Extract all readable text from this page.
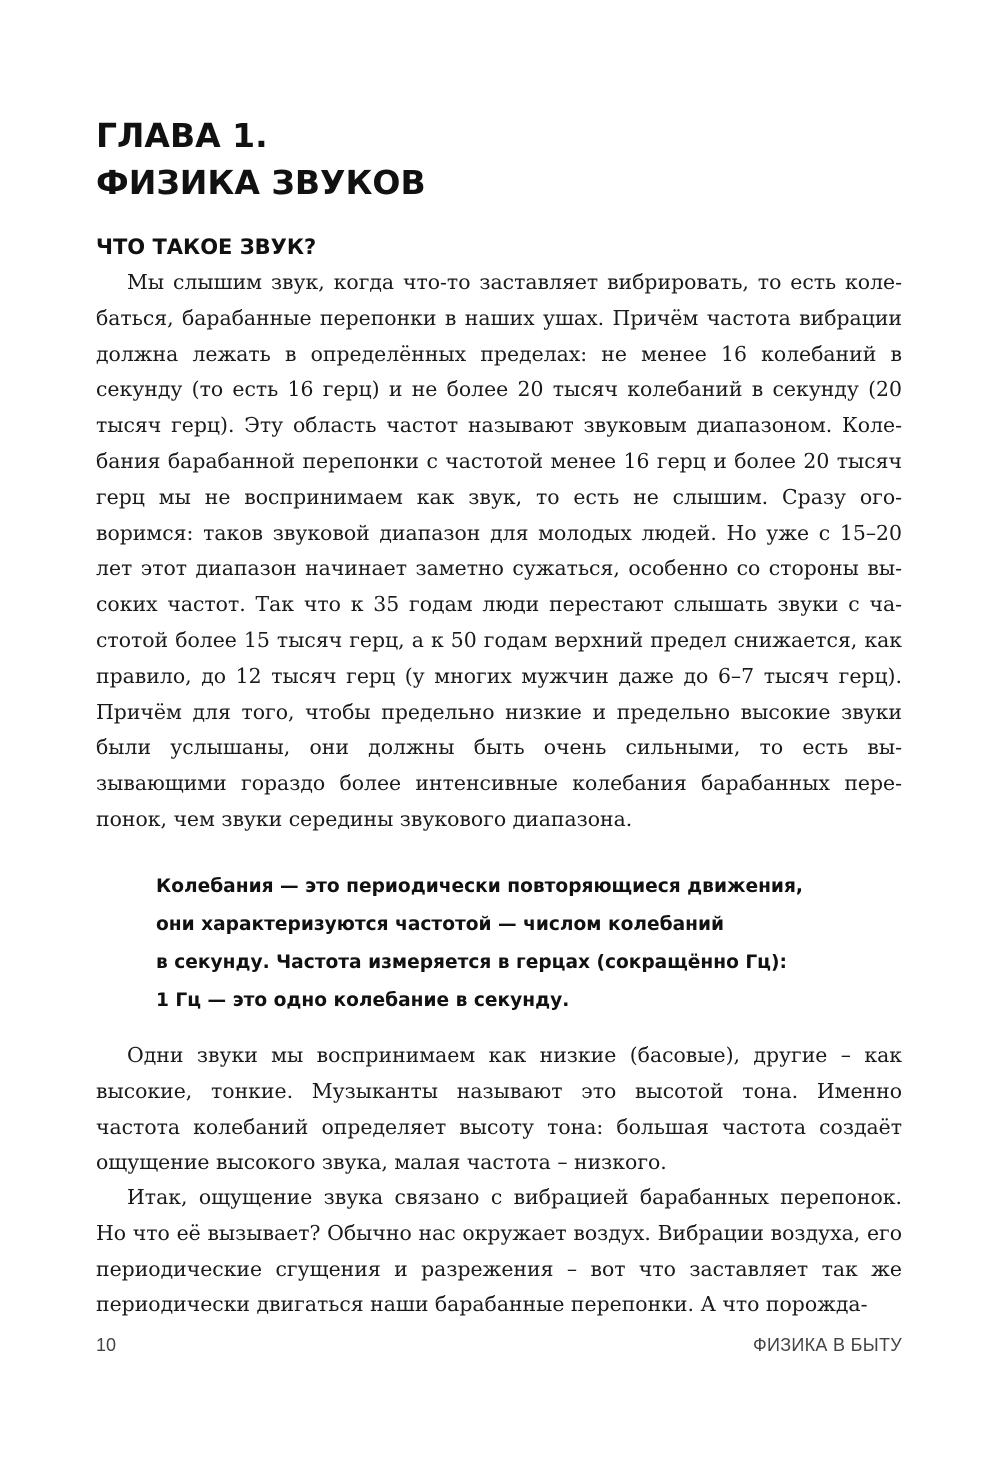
ГЛАВА 1.
ФИЗИКА ЗВУКОВ
ЧТО ТАКОЕ ЗВУК?

Мы слышим звук, когда что-то заставляет вибрировать, то есть колебаться, барабанные перепонки в наших ушах. Причём частота вибрации должна лежать в определённых пределах: не менее 16 колебаний в секунду (то есть 16 герц) и не более 20 тысяч колебаний в секунду (20 тысяч герц). Эту область частот называют звуковым диапазоном. Колебания барабанной перепонки с частотой менее 16 герц и более 20 тысяч герц мы не воспринимаем как звук, то есть не слышим. Сразу оговоримся: таков звуковой диапазон для молодых людей. Но уже с 15–20 лет этот диапазон начинает заметно сужаться, особенно со стороны высоких частот. Так что к 35 годам люди перестают слышать звуки с частотой более 15 тысяч герц, а к 50 годам верхний предел снижается, как правило, до 12 тысяч герц (у многих мужчин даже до 6–7 тысяч герц). Причём для того, чтобы предельно низкие и предельно высокие звуки были услышаны, они должны быть очень сильными, то есть вызывающими гораздо более интенсивные колебания барабанных перепонок, чем звуки середины звукового диапазона.

Колебания — это периодически повторяющиеся движения,
они характеризуются частотой — числом колебаний
в секунду. Частота измеряется в герцах (сокращённо Гц):
1 Гц — это одно колебание в секунду.

Одни звуки мы воспринимаем как низкие (басовые), другие – как высокие, тонкие. Музыканты называют это высотой тона. Именно частота колебаний определяет высоту тона: большая частота создаёт ощущение высокого звука, малая частота – низкого.

Итак, ощущение звука связано с вибрацией барабанных перепонок. Но что её вызывает? Обычно нас окружает воздух. Вибрации воздуха, его периодические сгущения и разрежения – вот что заставляет так же периодически двигаться наши барабанные перепонки. А что порожда-

10	ФИЗИКА В БЫТУ
